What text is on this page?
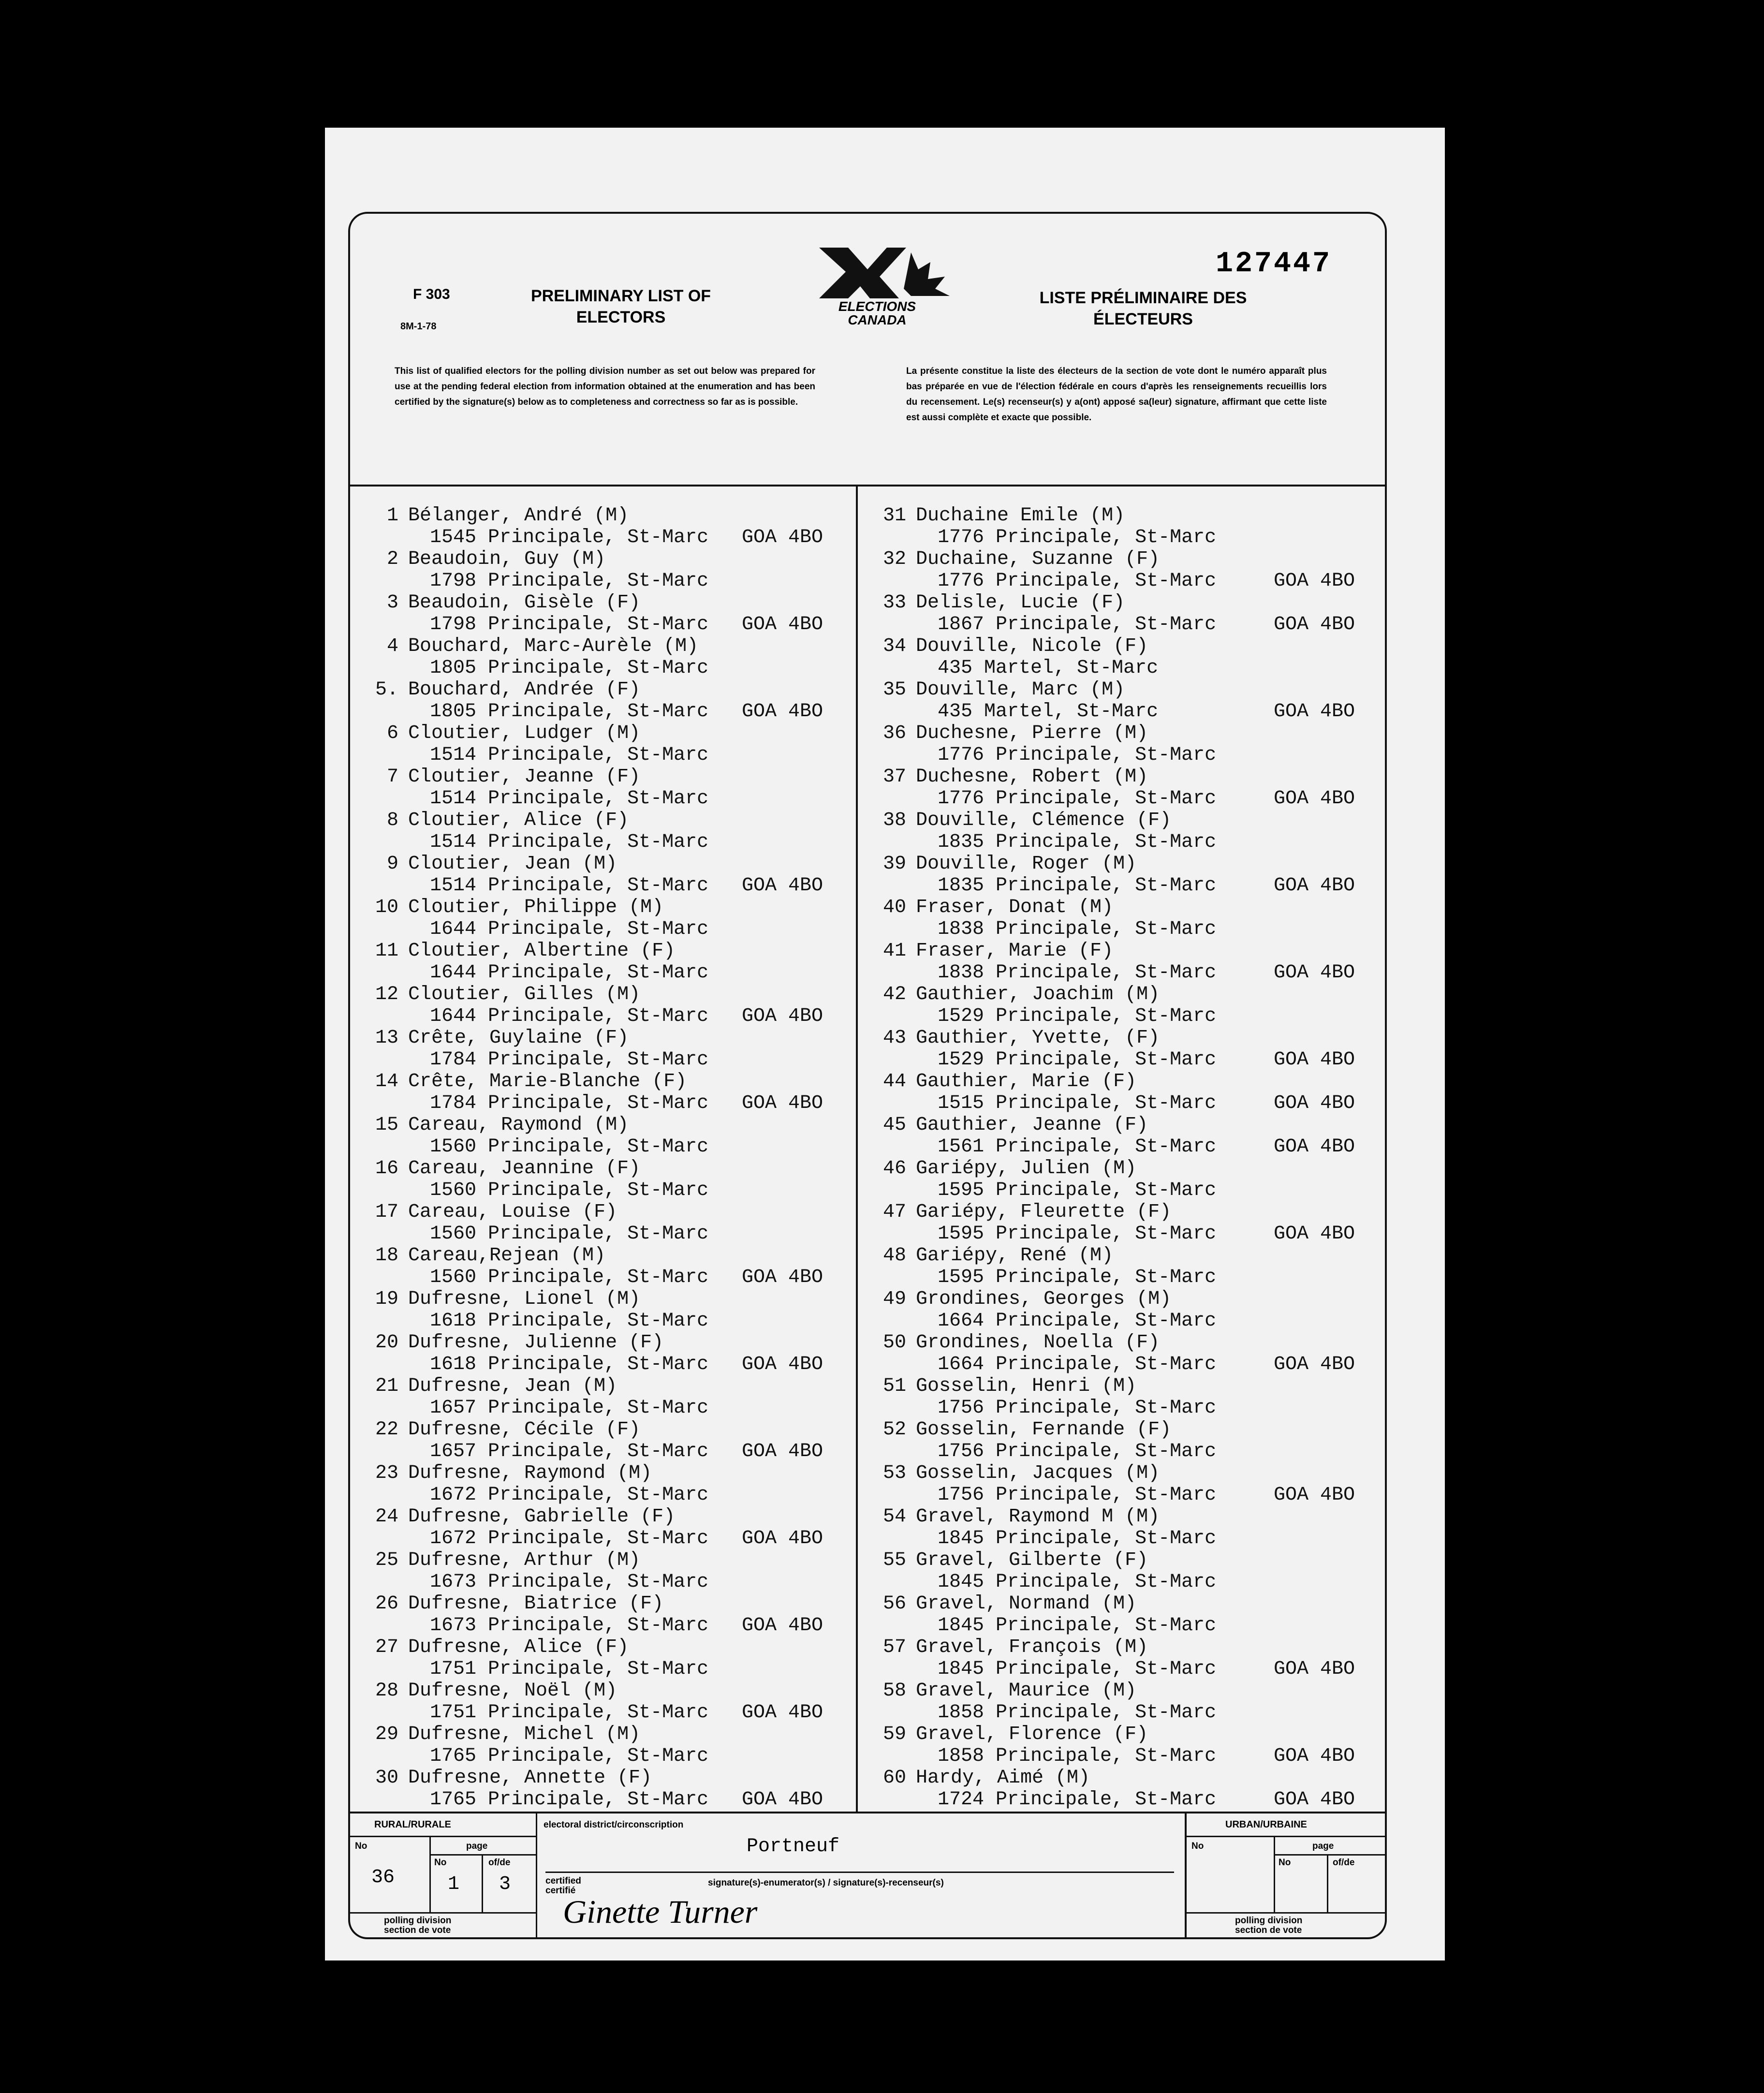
F 303
8M-1-78
PRELIMINARY LIST OF
ELECTORS
ELECTIONS
CANADA
127447
LISTE PRÉLIMINAIRE DES
ÉLECTEURS
This list of qualified electors for the polling division number as set out below was prepared for use at the pending federal election from information obtained at the enumeration and has been certified by the signature(s) below as to completeness and correctness so far as is possible.
La présente constitue la liste des électeurs de la section de vote dont le numéro apparaît plus bas préparée en vue de l'élection fédérale en cours d'après les renseignements recueillis lors du recensement. Le(s) recenseur(s) y a(ont) apposé sa(leur) signature, affirmant que cette liste est aussi complète et exacte que possible.
1 Bélanger, André (M)
1545 Principale, St-Marc GOA 4BO
2 Beaudoin, Guy (M)
1798 Principale, St-Marc
3 Beaudoin, Gisèle (F)
1798 Principale, St-Marc GOA 4BO
4 Bouchard, Marc-Aurèle (M)
1805 Principale, St-Marc
5. Bouchard, Andrée (F)
1805 Principale, St-Marc GOA 4BO
6 Cloutier, Ludger (M)
1514 Principale, St-Marc
7 Cloutier, Jeanne (F)
1514 Principale, St-Marc
8 Cloutier, Alice (F)
1514 Principale, St-Marc
9 Cloutier, Jean (M)
1514 Principale, St-Marc GOA 4BO
10 Cloutier, Philippe (M)
1644 Principale, St-Marc
11 Cloutier, Albertine (F)
1644 Principale, St-Marc
12 Cloutier, Gilles (M)
1644 Principale, St-Marc GOA 4BO
13 Crête, Guylaine (F)
1784 Principale, St-Marc
14 Crête, Marie-Blanche (F)
1784 Principale, St-Marc GOA 4BO
15 Careau, Raymond (M)
1560 Principale, St-Marc
16 Careau, Jeannine (F)
1560 Principale, St-Marc
17 Careau, Louise (F)
1560 Principale, St-Marc
18 Careau,Rejean (M)
1560 Principale, St-Marc GOA 4BO
19 Dufresne, Lionel (M)
1618 Principale, St-Marc
20 Dufresne, Julienne (F)
1618 Principale, St-Marc GOA 4BO
21 Dufresne, Jean (M)
1657 Principale, St-Marc
22 Dufresne, Cécile (F)
1657 Principale, St-Marc GOA 4BO
23 Dufresne, Raymond (M)
1672 Principale, St-Marc
24 Dufresne, Gabrielle (F)
1672 Principale, St-Marc GOA 4BO
25 Dufresne, Arthur (M)
1673 Principale, St-Marc
26 Dufresne, Biatrice (F)
1673 Principale, St-Marc GOA 4BO
27 Dufresne, Alice (F)
1751 Principale, St-Marc
28 Dufresne, Noël (M)
1751 Principale, St-Marc GOA 4BO
29 Dufresne, Michel (M)
1765 Principale, St-Marc
30 Dufresne, Annette (F)
1765 Principale, St-Marc GOA 4BO
31 Duchaine Emile (M)
1776 Principale, St-Marc
32 Duchaine, Suzanne (F)
1776 Principale, St-Marc	GOA 4BO
33 Delisle, Lucie (F)
1867 Principale, St-Marc	GOA 4BO
34 Douville, Nicole (F)
435 Martel, St-Marc
35 Douville, Marc (M)
435 Martel, St-Marc	GOA 4BO
36 Duchesne, Pierre (M)
1776 Principale, St-Marc
37 Duchesne, Robert (M)
1776 Principale, St-Marc	GOA 4BO
38 Douville, Clémence (F)
1835 Principale, St-Marc
39 Douville, Roger (M)
1835 Principale, St-Marc	GOA 4BO
40 Fraser, Donat (M)
1838 Principale, St-Marc
41 Fraser, Marie (F)
1838 Principale, St-Marc	GOA 4BO
42 Gauthier, Joachim (M)
1529 Principale, St-Marc
43 Gauthier, Yvette, (F)
1529 Principale, St-Marc	GOA 4BO
44 Gauthier, Marie (F)
1515 Principale, St-Marc	GOA 4BO
45 Gauthier, Jeanne (F)
1561 Principale, St-Marc	GOA 4BO
46 Gariépy, Julien (M)
1595 Principale, St-Marc
47 Gariépy, Fleurette (F)
1595 Principale, St-Marc	GOA 4BO
48 Gariépy, René (M)
1595 Principale, St-Marc
49 Grondines, Georges (M)
1664 Principale, St-Marc
50 Grondines, Noella (F)
1664 Principale, St-Marc	GOA 4BO
51 Gosselin, Henri (M)
1756 Principale, St-Marc
52 Gosselin, Fernande (F)
1756 Principale, St-Marc
53 Gosselin, Jacques (M)
1756 Principale, St-Marc	GOA 4BO
54 Gravel, Raymond M (M)
1845 Principale, St-Marc
55 Gravel, Gilberte (F)
1845 Principale, St-Marc
56 Gravel, Normand (M)
1845 Principale, St-Marc
57 Gravel, François (M)
1845 Principale, St-Marc	GOA 4BO
58 Gravel, Maurice (M)
1858 Principale, St-Marc
59 Gravel, Florence (F)
1858 Principale, St-Marc	GOA 4BO
60 Hardy, Aimé (M)
1724 Principale, St-Marc	GOA 4BO
RURAL/RURALE
No	page
No	of/de
36	1 3
polling division
section de vote
electoral district/circonscription
Portneuf
certified
certifié
signature(s)-enumerator(s) / signature(s)-recenseur(s)
Ginette Turner
URBAN/URBAINE
No	page
No	of/de
polling division
section de vote
